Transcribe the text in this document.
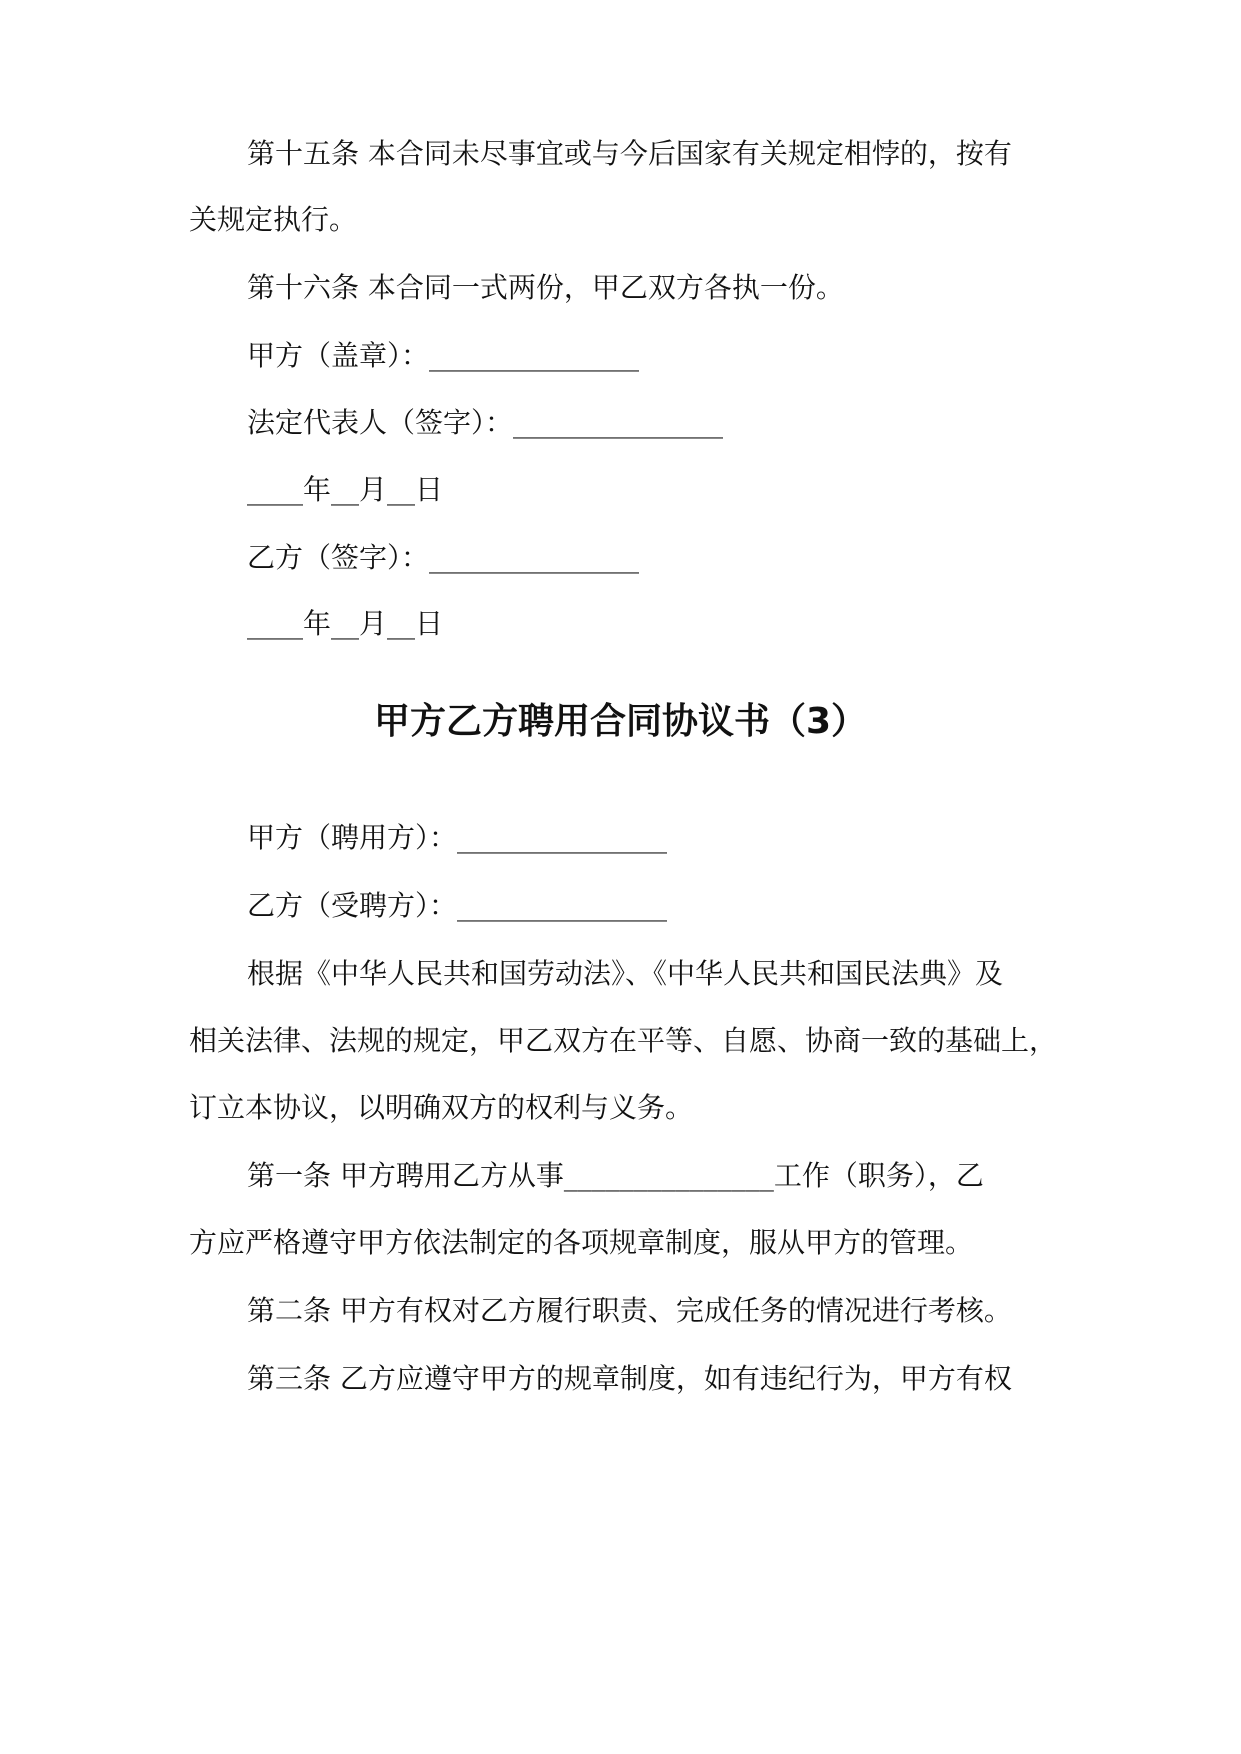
第十五条 本合同未尽事宜或与今后国家有关规定相悖的，按有
关规定执行。
第十六条 本合同一式两份，甲乙双方各执一份。
甲方（盖章）：_______________
法定代表人（签字）：_______________
____年__月__日
乙方（签字）：_______________
____年__月__日
甲方乙方聘用合同协议书（3）
甲方（聘用方）：_______________
乙方（受聘方）：_______________
根据《中华人民共和国劳动法》、《中华人民共和国民法典》及
相关法律、法规的规定，甲乙双方在平等、自愿、协商一致的基础上，
订立本协议，以明确双方的权利与义务。
第一条 甲方聘用乙方从事_______________工作（职务），乙
方应严格遵守甲方依法制定的各项规章制度，服从甲方的管理。
第二条 甲方有权对乙方履行职责、完成任务的情况进行考核。
第三条 乙方应遵守甲方的规章制度，如有违纪行为，甲方有权
